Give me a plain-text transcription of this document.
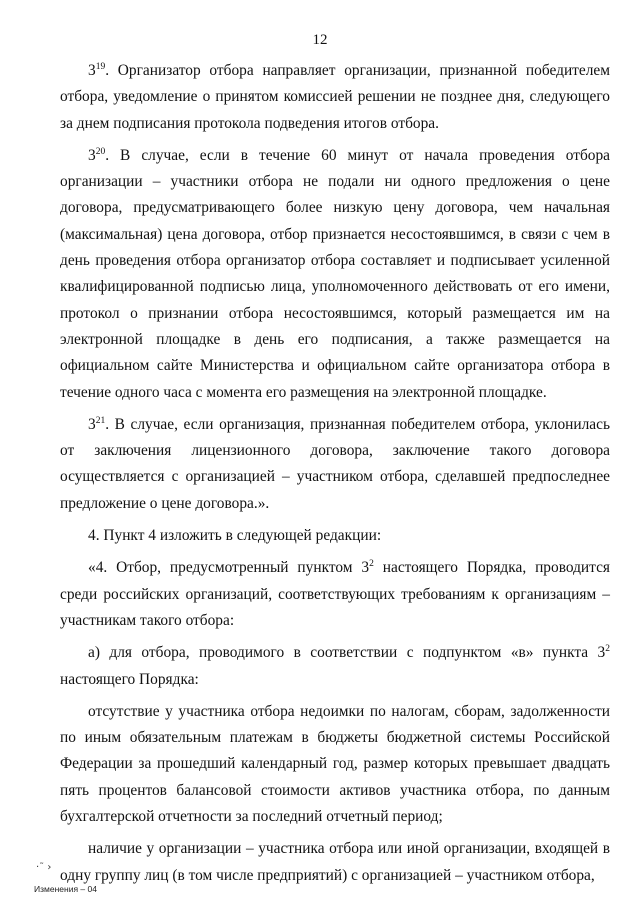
12

$3^{19}$. Организатор отбора направляет организации, признанной победителем отбора, уведомление о принятом комиссией решении не позднее дня, следующего за днем подписания протокола подведения итогов отбора.

$3^{20}$. В случае, если в течение 60 минут от начала проведения отбора организации – участники отбора не подали ни одного предложения о цене договора, предусматривающего более низкую цену договора, чем начальная (максимальная) цена договора, отбор признается несостоявшимся, в связи с чем в день проведения отбора организатор отбора составляет и подписывает усиленной квалифицированной подписью лица, уполномоченного действовать от его имени, протокол о признании отбора несостоявшимся, который размещается им на электронной площадке в день его подписания, а также размещается на официальном сайте Министерства и официальном сайте организатора отбора в течение одного часа с момента его размещения на электронной площадке.

$3^{21}$. В случае, если организация, признанная победителем отбора, уклонилась от заключения лицензионного договора, заключение такого договора осуществляется с организацией – участником отбора, сделавшей предпоследнее предложение о цене договора.».

4. Пункт 4 изложить в следующей редакции:

«4. Отбор, предусмотренный пунктом $3^2$ настоящего Порядка, проводится среди российских организаций, соответствующих требованиям к организациям – участникам такого отбора:

а) для отбора, проводимого в соответствии с подпунктом «в» пункта $3^2$ настоящего Порядка:

отсутствие у участника отбора недоимки по налогам, сборам, задолженности по иным обязательным платежам в бюджеты бюджетной системы Российской Федерации за прошедший календарный год, размер которых превышает двадцать пять процентов балансовой стоимости активов участника отбора, по данным бухгалтерской отчетности за последний отчетный период;

наличие у организации – участника отбора или иной организации, входящей в одну группу лиц (в том числе предприятий) с организацией – участником отбора,

·˜ ›
Изменения – 04
